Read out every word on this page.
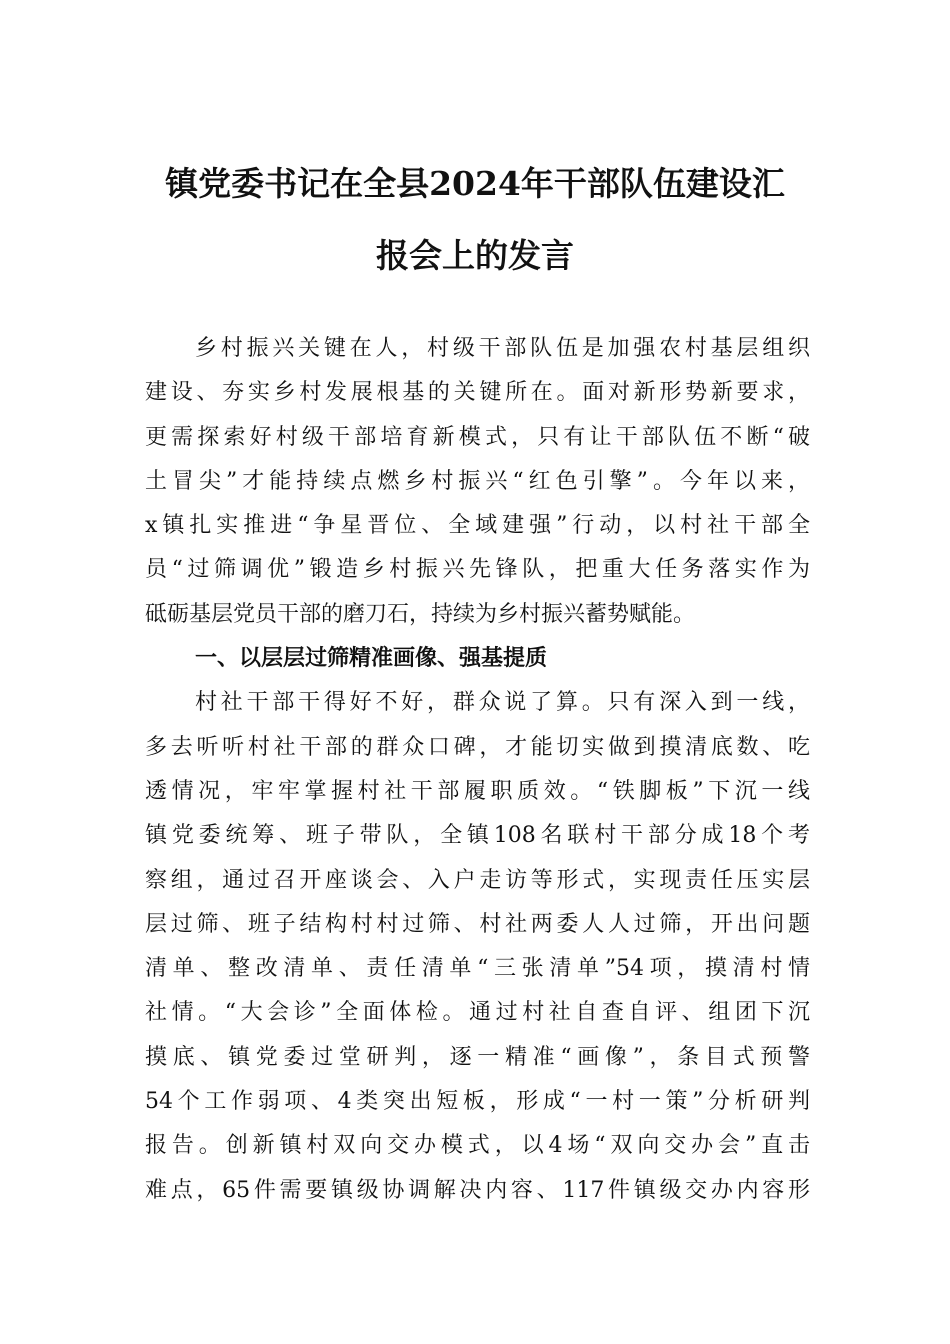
镇党委书记在全县2024年干部队伍建设汇
报会上的发言
乡村振兴关键在人，村级干部队伍是加强农村基层组织
建设、夯实乡村发展根基的关键所在。面对新形势新要求，
更需探索好村级干部培育新模式，只有让干部队伍不断“破
土冒尖”才能持续点燃乡村振兴“红色引擎”。今年以来，
x镇扎实推进“争星晋位、全域建强”行动，以村社干部全
员“过筛调优”锻造乡村振兴先锋队，把重大任务落实作为
砥砺基层党员干部的磨刀石，持续为乡村振兴蓄势赋能。
一、以层层过筛精准画像、强基提质
村社干部干得好不好，群众说了算。只有深入到一线，
多去听听村社干部的群众口碑，才能切实做到摸清底数、吃
透情况，牢牢掌握村社干部履职质效。“铁脚板”下沉一线
镇党委统筹、班子带队，全镇108名联村干部分成18个考
察组，通过召开座谈会、入户走访等形式，实现责任压实层
层过筛、班子结构村村过筛、村社两委人人过筛，开出问题
清单、整改清单、责任清单“三张清单”54项，摸清村情
社情。“大会诊”全面体检。通过村社自查自评、组团下沉
摸底、镇党委过堂研判，逐一精准“画像”，条目式预警
54个工作弱项、4类突出短板，形成“一村一策”分析研判
报告。创新镇村双向交办模式，以4场“双向交办会”直击
难点，65件需要镇级协调解决内容、117件镇级交办内容形
